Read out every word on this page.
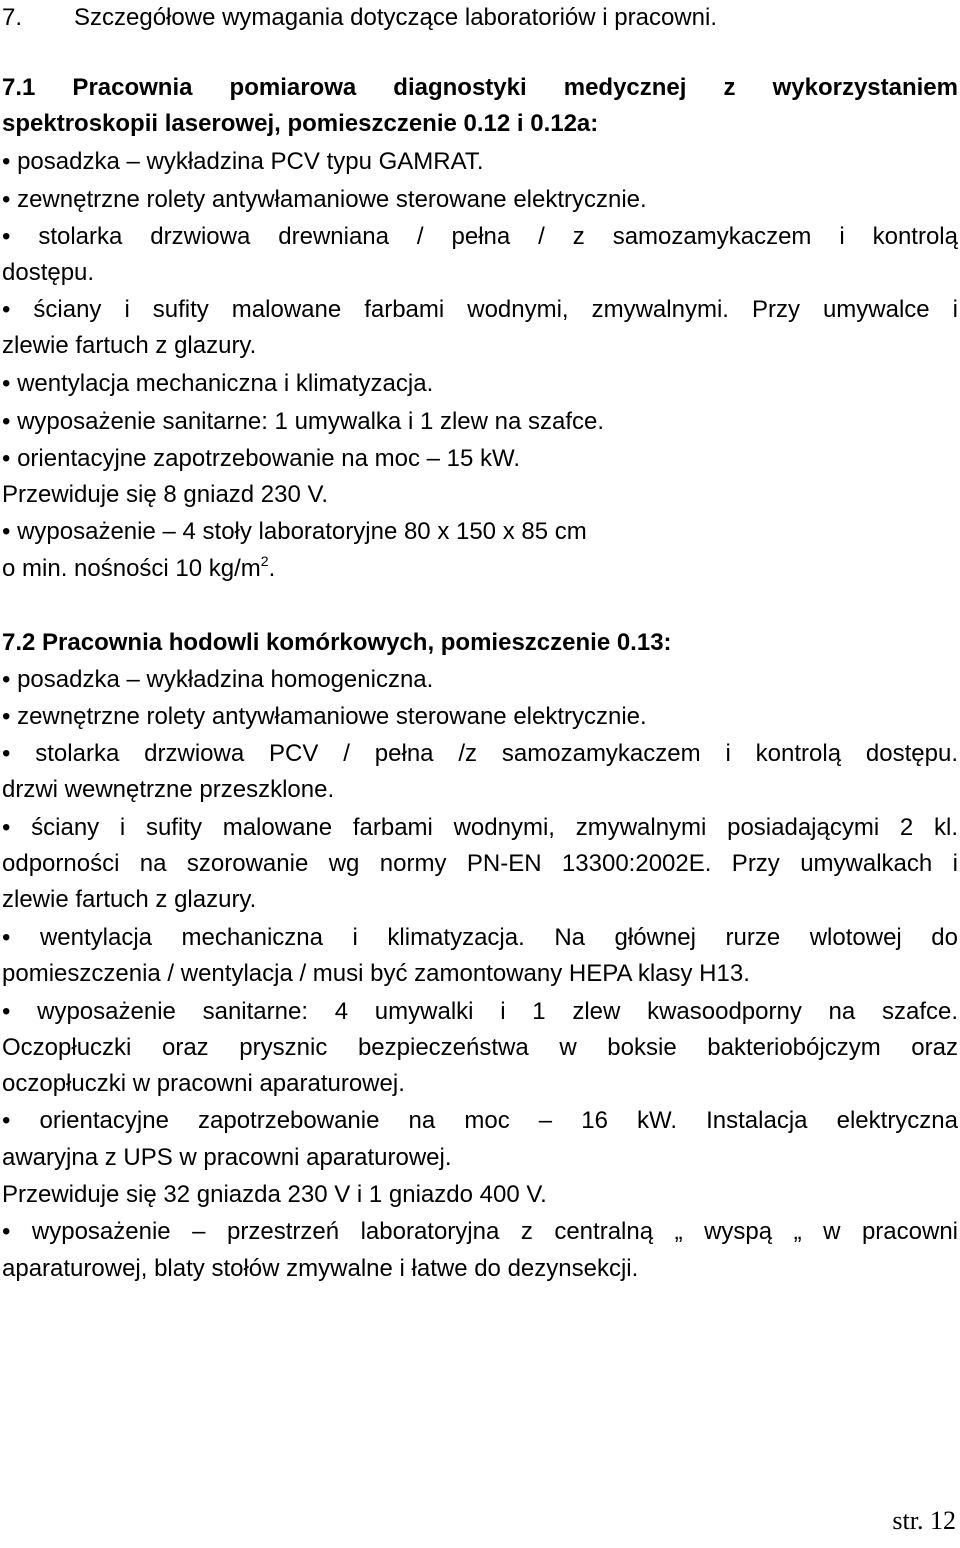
7. Szczegółowe wymagania dotyczące laboratoriów i pracowni.
7.1 Pracownia pomiarowa diagnostyki medycznej z wykorzystaniem
spektroskopii laserowej, pomieszczenie 0.12 i 0.12a:
• posadzka – wykładzina PCV typu GAMRAT.
• zewnętrzne rolety antywłamaniowe sterowane elektrycznie.
• stolarka drzwiowa drewniana / pełna / z samozamykaczem i kontrolą
dostępu.
• ściany i sufity malowane farbami wodnymi, zmywalnymi. Przy umywalce i
zlewie fartuch z glazury.
• wentylacja mechaniczna i klimatyzacja.
• wyposażenie sanitarne: 1 umywalka i 1 zlew na szafce.
• orientacyjne zapotrzebowanie na moc – 15 kW.
Przewiduje się 8 gniazd 230 V.
• wyposażenie – 4 stoły laboratoryjne 80 x 150 x 85 cm
o min. nośności 10 $kg/m^2$.
7.2 Pracownia hodowli komórkowych, pomieszczenie 0.13:
• posadzka – wykładzina homogeniczna.
• zewnętrzne rolety antywłamaniowe sterowane elektrycznie.
• stolarka drzwiowa PCV / pełna /z samozamykaczem i kontrolą dostępu.
drzwi wewnętrzne przeszklone.
• ściany i sufity malowane farbami wodnymi, zmywalnymi posiadającymi 2 kl.
odporności na szorowanie wg normy PN-EN 13300:2002E. Przy umywalkach i
zlewie fartuch z glazury.
• wentylacja mechaniczna i klimatyzacja. Na głównej rurze wlotowej do
pomieszczenia / wentylacja / musi być zamontowany HEPA klasy H13.
• wyposażenie sanitarne: 4 umywalki i 1 zlew kwasoodporny na szafce.
Oczopłuczki oraz prysznic bezpieczeństwa w boksie bakteriobójczym oraz
oczopłuczki w pracowni aparaturowej.
• orientacyjne zapotrzebowanie na moc – 16 kW. Instalacja elektryczna
awaryjna z UPS w pracowni aparaturowej.
Przewiduje się 32 gniazda 230 V i 1 gniazdo 400 V.
• wyposażenie – przestrzeń laboratoryjna z centralną „ wyspą „ w pracowni
aparaturowej, blaty stołów zmywalne i łatwe do dezynsekcji.
str. 12
